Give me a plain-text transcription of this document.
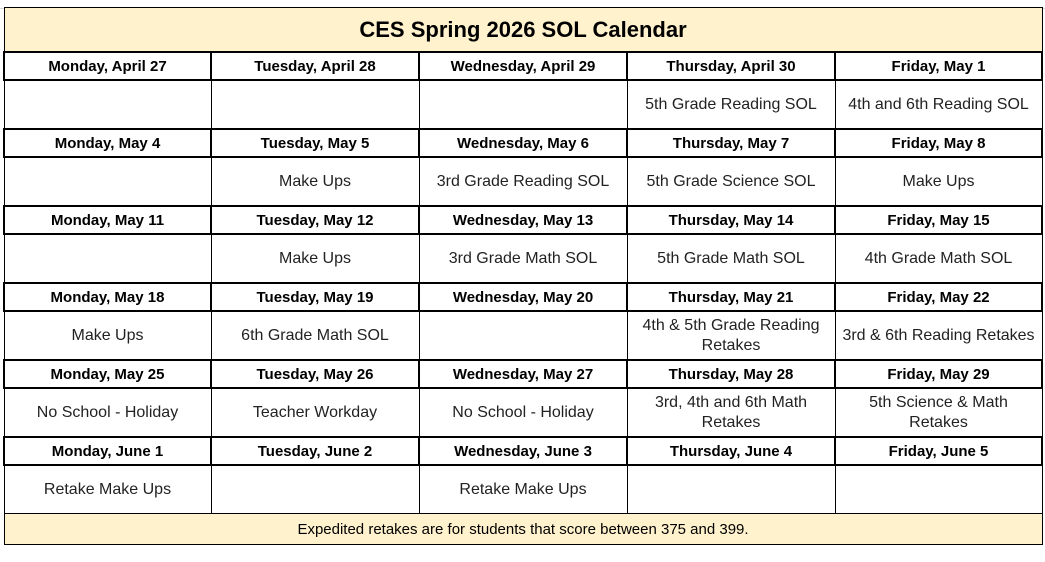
CES Spring 2026 SOL Calendar				
Monday, April 27	Tuesday, April 28	Wednesday, April 29	Thursday, April 30	Friday, May 1
			5th Grade Reading SOL	4th and 6th Reading SOL
Monday, May 4	Tuesday, May 5	Wednesday, May 6	Thursday, May 7	Friday, May 8
	Make Ups	3rd Grade Reading SOL	5th Grade Science SOL	Make Ups
Monday, May 11	Tuesday, May 12	Wednesday, May 13	Thursday, May 14	Friday, May 15
	Make Ups	3rd Grade Math SOL	5th Grade Math SOL	4th Grade Math SOL
Monday, May 18	Tuesday, May 19	Wednesday, May 20	Thursday, May 21	Friday, May 22
Make Ups	6th Grade Math SOL		4th & 5th Grade Reading Retakes	3rd & 6th Reading Retakes
Monday, May 25	Tuesday, May 26	Wednesday, May 27	Thursday, May 28	Friday, May 29
No School - Holiday	Teacher Workday	No School - Holiday	3rd, 4th and 6th Math Retakes	5th Science & Math Retakes
Monday, June 1	Tuesday, June 2	Wednesday, June 3	Thursday, June 4	Friday, June 5
Retake Make Ups		Retake Make Ups		
Expedited retakes are for students that score between 375 and 399.				
